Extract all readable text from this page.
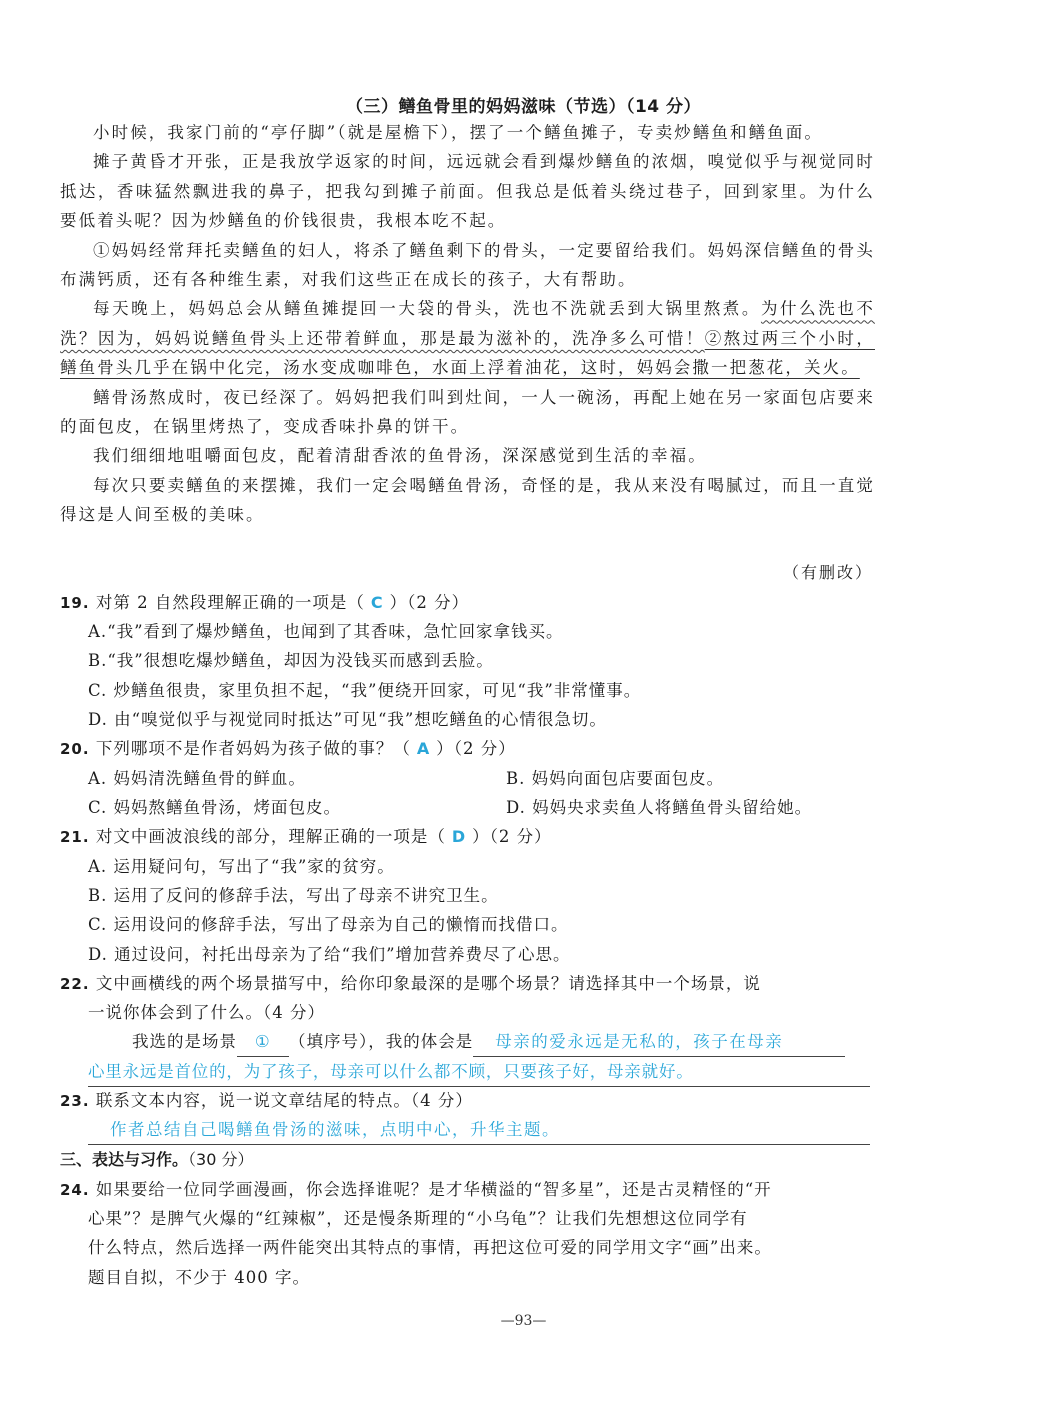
（三）鳝鱼骨里的妈妈滋味（节选）（14 分）

小时候，我家门前的“亭仔脚”（就是屋檐下），摆了一个鳝鱼摊子，专卖炒鳝鱼和鳝鱼面。

摊子黄昏才开张，正是我放学返家的时间，远远就会看到爆炒鳝鱼的浓烟，嗅觉似乎与视觉同时抵达，香味猛然飘进我的鼻子，把我勾到摊子前面。但我总是低着头绕过巷子，回到家里。为什么要低着头呢？因为炒鳝鱼的价钱很贵，我根本吃不起。

①妈妈经常拜托卖鳝鱼的妇人，将杀了鳝鱼剩下的骨头，一定要留给我们。妈妈深信鳝鱼的骨头布满钙质，还有各种维生素，对我们这些正在成长的孩子，大有帮助。

每天晚上，妈妈总会从鳝鱼摊提回一大袋的骨头，洗也不洗就丢到大锅里熬煮。为什么洗也不洗？因为，妈妈说鳝鱼骨头上还带着鲜血，那是最为滋补的，洗净多么可惜！②熬过两三个小时，鳝鱼骨头几乎在锅中化完，汤水变成咖啡色，水面上浮着油花，这时，妈妈会撒一把葱花，关火。

鳝骨汤熬成时，夜已经深了。妈妈把我们叫到灶间，一人一碗汤，再配上她在另一家面包店要来的面包皮，在锅里烤热了，变成香味扑鼻的饼干。

我们细细地咀嚼面包皮，配着清甜香浓的鱼骨汤，深深感觉到生活的幸福。

每次只要卖鳝鱼的来摆摊，我们一定会喝鳝鱼骨汤，奇怪的是，我从来没有喝腻过，而且一直觉得这是人间至极的美味。

（有删改）
19. 对第 2 自然段理解正确的一项是（ C ）（2 分）
A.“我”看到了爆炒鳝鱼，也闻到了其香味，急忙回家拿钱买。
B.“我”很想吃爆炒鳝鱼，却因为没钱买而感到丢脸。
C. 炒鳝鱼很贵，家里负担不起，“我”便绕开回家，可见“我”非常懂事。
D. 由“嗅觉似乎与视觉同时抵达”可见“我”想吃鳝鱼的心情很急切。
20. 下列哪项不是作者妈妈为孩子做的事？（ A ）（2 分）
A. 妈妈清洗鳝鱼骨的鲜血。	B. 妈妈向面包店要面包皮。
C. 妈妈熬鳝鱼骨汤，烤面包皮。	D. 妈妈央求卖鱼人将鳝鱼骨头留给她。
21. 对文中画波浪线的部分，理解正确的一项是（ D ）（2 分）
A. 运用疑问句，写出了“我”家的贫穷。
B. 运用了反问的修辞手法，写出了母亲不讲究卫生。
C. 运用设问的修辞手法，写出了母亲为自己的懒惰而找借口。
D. 通过设问，衬托出母亲为了给“我们”增加营养费尽了心思。
22. 文中画横线的两个场景描写中，给你印象最深的是哪个场景？请选择其中一个场景，说
一说你体会到了什么。（4 分）
我选的是场景 ① （填序号），我的体会是 母亲的爱永远是无私的，孩子在母亲
心里永远是首位的，为了孩子，母亲可以什么都不顾，只要孩子好，母亲就好。
23. 联系文本内容，说一说文章结尾的特点。（4 分）
作者总结自己喝鳝鱼骨汤的滋味，点明中心，升华主题。
三、表达与习作。（30 分）
24. 如果要给一位同学画漫画，你会选择谁呢？是才华横溢的“智多星”，还是古灵精怪的“开
心果”？是脾气火爆的“红辣椒”，还是慢条斯理的“小乌龟”？让我们先想想这位同学有
什么特点，然后选择一两件能突出其特点的事情，再把这位可爱的同学用文字“画”出来。
题目自拟，不少于 400 字。
—93—
